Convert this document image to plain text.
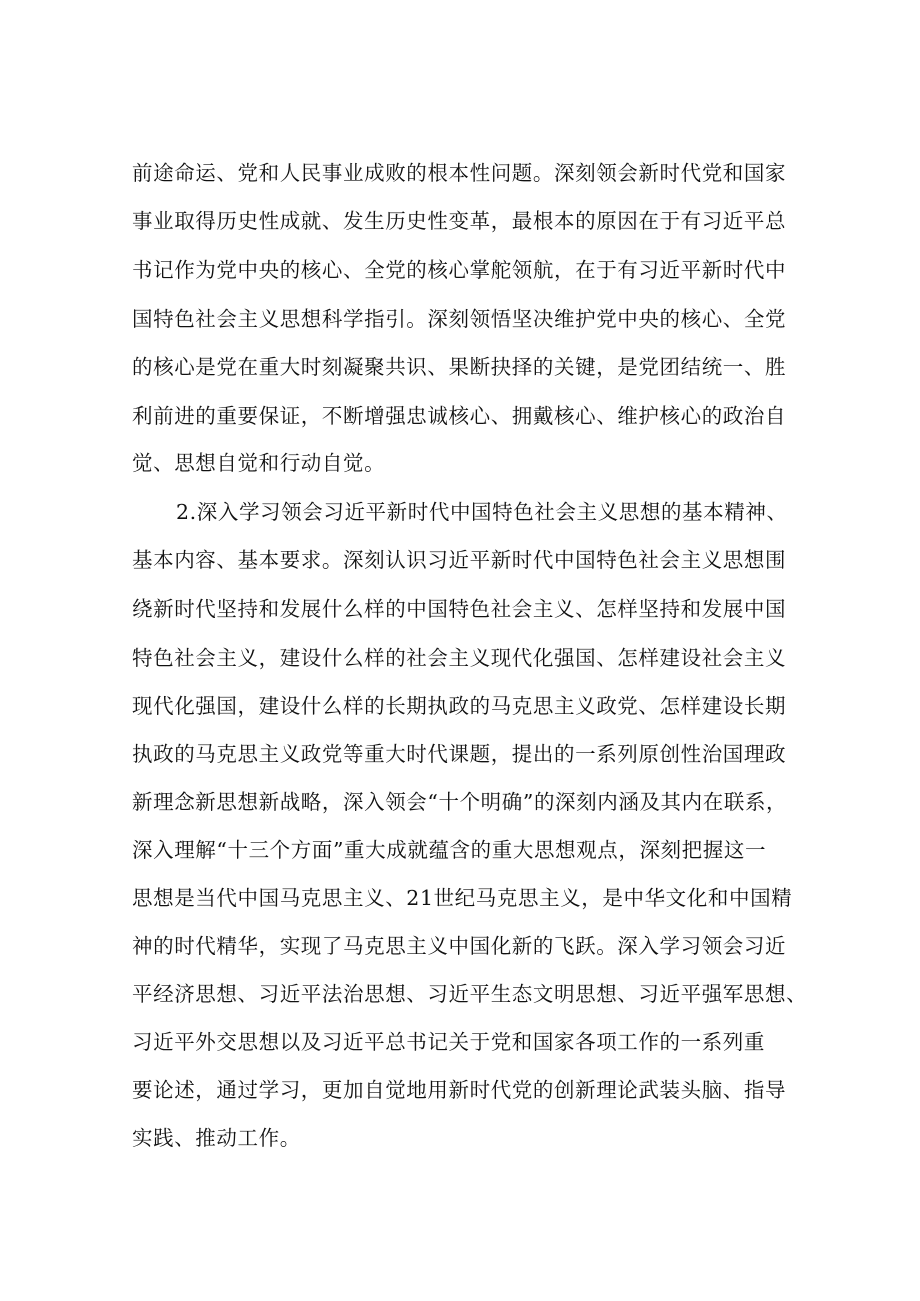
前途命运、党和人民事业成败的根本性问题。深刻领会新时代党和国家
事业取得历史性成就、发生历史性变革，最根本的原因在于有习近平总
书记作为党中央的核心、全党的核心掌舵领航，在于有习近平新时代中
国特色社会主义思想科学指引。深刻领悟坚决维护党中央的核心、全党
的核心是党在重大时刻凝聚共识、果断抉择的关键，是党团结统一、胜
利前进的重要保证，不断增强忠诚核心、拥戴核心、维护核心的政治自
觉、思想自觉和行动自觉。
2.深入学习领会习近平新时代中国特色社会主义思想的基本精神、
基本内容、基本要求。深刻认识习近平新时代中国特色社会主义思想围
绕新时代坚持和发展什么样的中国特色社会主义、怎样坚持和发展中国
特色社会主义，建设什么样的社会主义现代化强国、怎样建设社会主义
现代化强国，建设什么样的长期执政的马克思主义政党、怎样建设长期
执政的马克思主义政党等重大时代课题，提出的一系列原创性治国理政
新理念新思想新战略，深入领会“十个明确”的深刻内涵及其内在联系，
深入理解“十三个方面”重大成就蕴含的重大思想观点，深刻把握这一
思想是当代中国马克思主义、21世纪马克思主义，是中华文化和中国精
神的时代精华，实现了马克思主义中国化新的飞跃。深入学习领会习近
平经济思想、习近平法治思想、习近平生态文明思想、习近平强军思想、
习近平外交思想以及习近平总书记关于党和国家各项工作的一系列重
要论述，通过学习，更加自觉地用新时代党的创新理论武装头脑、指导
实践、推动工作。
